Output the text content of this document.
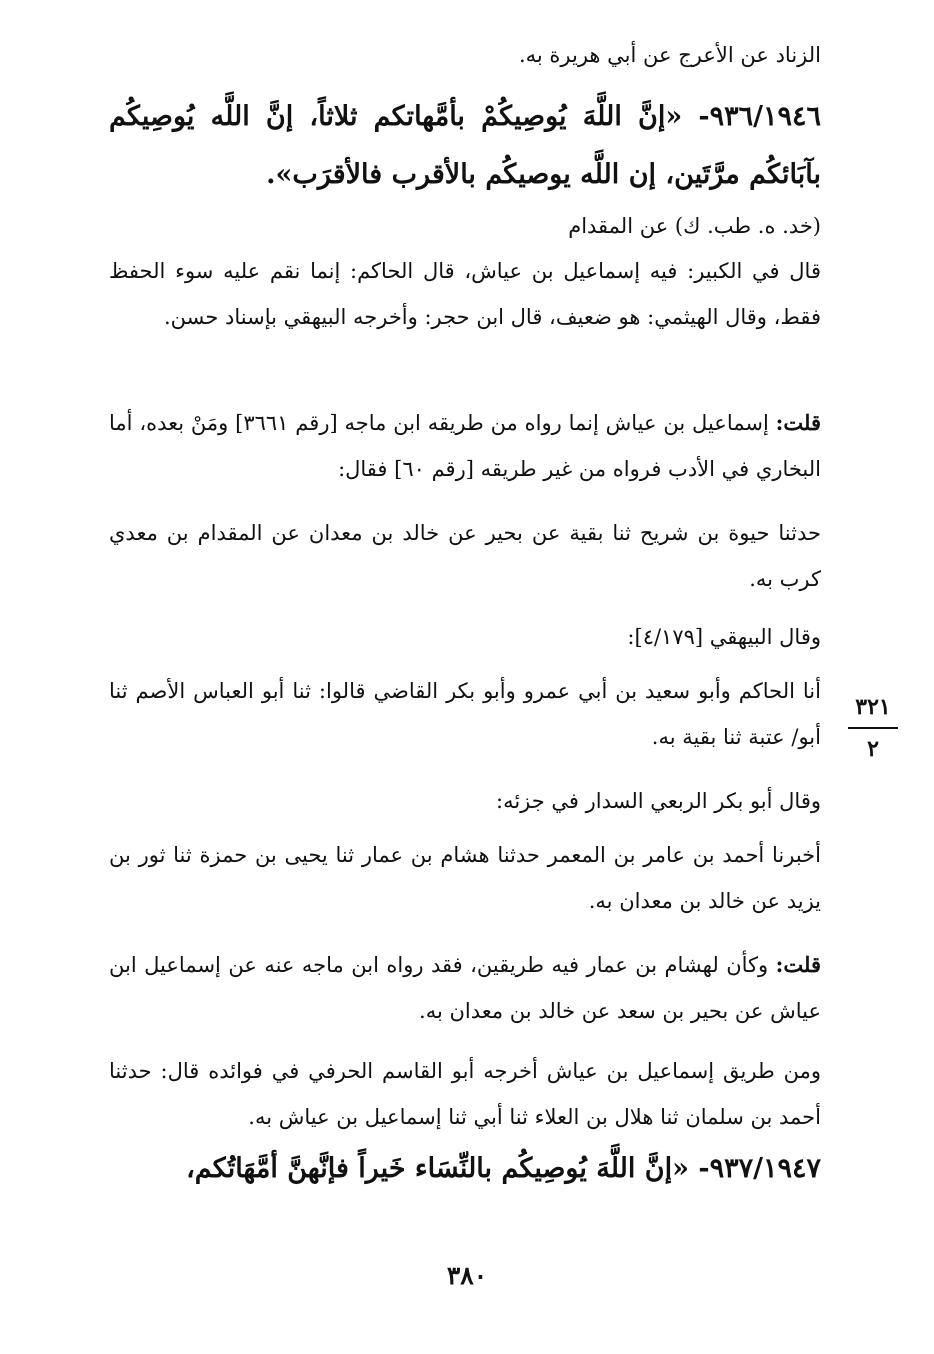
الزناد عن الأعرج عن أبي هريرة به.

٩٣٦/١٩٤٦- «إنَّ اللَّهَ يُوصِيكُمْ بأمَّهاتكم ثلاثاً، إنَّ اللَّه يُوصِيكُم بآبَائكُم مرَّتَين، إن اللَّه يوصيكُم بالأقرب فالأقرَب».

(خد. ه. طب. ك) عن المقدام

قال في الكبير: فيه إسماعيل بن عياش، قال الحاكم: إنما نقم عليه سوء الحفظ فقط، وقال الهيثمي: هو ضعيف، قال ابن حجر: وأخرجه البيهقي بإسناد حسن.

قلت: إسماعيل بن عياش إنما رواه من طريقه ابن ماجه [رقم ٣٦٦١] ومَنْ بعده، أما البخاري في الأدب فرواه من غير طريقه [رقم ٦٠] فقال:

حدثنا حيوة بن شريح ثنا بقية عن بحير عن خالد بن معدان عن المقدام بن معدي كرب به.

وقال البيهقي [٤/١٧٩]:

أنا الحاكم وأبو سعيد بن أبي عمرو وأبو بكر القاضي قالوا: ثنا أبو العباس الأصم ثنا أبو/ عتبة ثنا بقية به.

وقال أبو بكر الربعي السدار في جزئه:

أخبرنا أحمد بن عامر بن المعمر حدثنا هشام بن عمار ثنا يحيى بن حمزة ثنا ثور بن يزيد عن خالد بن معدان به.

قلت: وكأن لهشام بن عمار فيه طريقين، فقد رواه ابن ماجه عنه عن إسماعيل ابن عياش عن بحير بن سعد عن خالد بن معدان به.

ومن طريق إسماعيل بن عياش أخرجه أبو القاسم الحرفي في فوائده قال: حدثنا أحمد بن سلمان ثنا هلال بن العلاء ثنا أبي ثنا إسماعيل بن عياش به.

٩٣٧/١٩٤٧- «إنَّ اللَّهَ يُوصِيكُم بالنِّسَاء خَيراً فإنَّهنَّ أمَّهَاتُكم،

٣٢١
٢
٣٨٠
